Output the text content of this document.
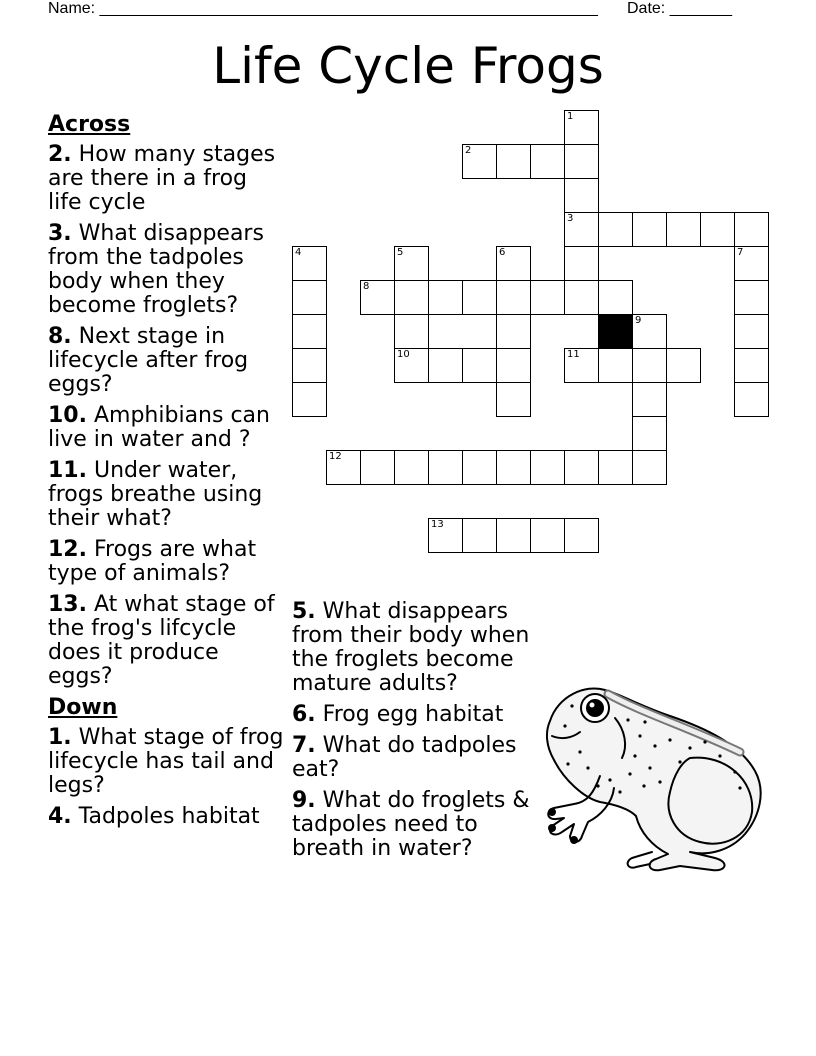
Name: ________________________________________________________ Date: _______
Life Cycle Frogs
Across
2. How many stages are there in a frog life cycle
3. What disappears from the tadpoles body when they become froglets?
8. Next stage in lifecycle after frog eggs?
10. Amphibians can live in water and ?
11. Under water, frogs breathe using their what?
12. Frogs are what type of animals?
13. At what stage of the frog's lifcycle does it produce eggs?
Down
1. What stage of frog lifecycle has tail and legs?
4. Tadpoles habitat
5. What disappears from their body when the froglets become mature adults?
6. Frog egg habitat
7. What do tadpoles eat?
9. What do froglets & tadpoles need to breath in water?
1
3
2
4	5
10
6	7
8
9
11
12
13
